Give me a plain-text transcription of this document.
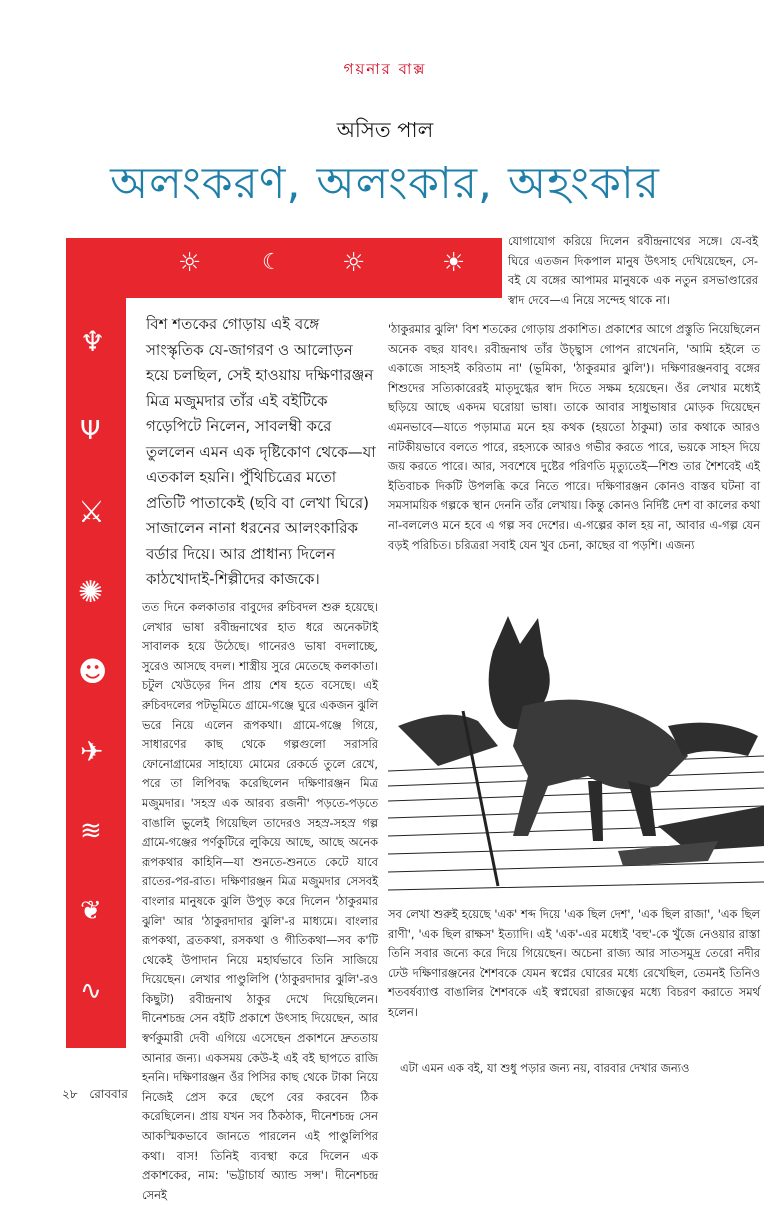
গয়নার বাক্স
অসিত পাল
অলংকরণ, অলংকার, অহংকার
☼	☾ ☼	☀
♆
Ψ
⚔
✺
☻
✈
≋
❦
∿
বিশ শতকের গোড়ায় এই বঙ্গে সাংস্কৃতিক যে-জাগরণ ও আলোড়ন হয়ে চলছিল, সেই হাওয়ায় দক্ষিণারঞ্জন মিত্র মজুমদার তাঁর এই বইটিকে গড়েপিটে নিলেন, সাবলম্বী করে তুললেন এমন এক দৃষ্টিকোণ থেকে—যা এতকাল হয়নি। পুঁথিচিত্রের মতো প্রতিটি পাতাকেই (ছবি বা লেখা ঘিরে) সাজালেন নানা ধরনের আলংকারিক বর্ডার দিয়ে। আর প্রাধান্য দিলেন কাঠখোদাই-শিল্পীদের কাজকে।
যোগাযোগ করিয়ে দিলেন রবীন্দ্রনাথের সঙ্গে। যে-বই ঘিরে এতজন দিকপাল মানুষ উৎসাহ দেখিয়েছেন, সে-বই যে বঙ্গের আপামর মানুষকে এক নতুন রসভাণ্ডারের স্বাদ দেবে—এ নিয়ে সন্দেহ থাকে না।
'ঠাকুরমার ঝুলি' বিশ শতকের গোড়ায় প্রকাশিত। প্রকাশের আগে প্রস্তুতি নিয়েছিলেন অনেক বছর যাবৎ। রবীন্দ্রনাথ তাঁর উচ্ছ্বাস গোপন রাখেননি, 'আমি হইলে ত একাজে সাহসই করিতাম না' (ভূমিকা, 'ঠাকুরমার ঝুলি')। দক্ষিণারঞ্জনবাবু বঙ্গের শিশুদের সত্যিকারেরই মাতৃদুগ্ধের স্বাদ দিতে সক্ষম হয়েছেন। ওঁর লেখার মধ্যেই ছড়িয়ে আছে একদম ঘরোয়া ভাষা। তাকে আবার সাধুভাষার মোড়ক দিয়েছেন এমনভাবে—যাতে পড়ামাত্র মনে হয় কথক (হয়তো ঠাকুমা) তার কথাকে আরও নাটকীয়ভাবে বলতে পারে, রহস্যকে আরও গভীর করতে পারে, ভয়কে সাহস দিয়ে জয় করতে পারে। আর, সবশেষে দুষ্টের পরিণতি মৃত্যুতেই—শিশু তার শৈশবেই এই ইতিবাচক দিকটি উপলব্ধি করে নিতে পারে। দক্ষিণারঞ্জন কোনও বাস্তব ঘটনা বা সমসাময়িক গল্পকে স্থান দেননি তাঁর লেখায়। কিন্তু কোনও নির্দিষ্ট দেশ বা কালের কথা না-বললেও মনে হবে এ গল্প সব দেশের। এ-গল্পের কাল হয় না, আবার এ-গল্প যেন বড়ই পরিচিত। চরিত্ররা সবাই যেন খুব চেনা, কাছের বা পড়শি। এজন্য
তত দিনে কলকাতার বাবুদের রুচিবদল শুরু হয়েছে। লেখার ভাষা রবীন্দ্রনাথের হাত ধরে অনেকটাই সাবালক হয়ে উঠেছে। গানেরও ভাষা বদলাচ্ছে, সুরেও আসছে বদল। শাস্ত্রীয় সুরে মেতেছে কলকাতা। চটুল খেউড়ের দিন প্রায় শেষ হতে বসেছে। এই রুচিবদলের পটভূমিতে গ্রামে-গঞ্জে ঘুরে একজন ঝুলি ভরে নিয়ে এলেন রূপকথা। গ্রামে-গঞ্জে গিয়ে, সাধারণের কাছ থেকে গল্পগুলো সরাসরি ফোনোগ্রামের সাহায্যে মোমের রেকর্ডে তুলে রেখে, পরে তা লিপিবদ্ধ করেছিলেন দক্ষিণারঞ্জন মিত্র মজুমদার। 'সহস্র এক আরব্য রজনী' পড়তে-পড়তে বাঙালি ভুলেই গিয়েছিল তাদেরও সহস্র-সহস্র গল্প গ্রামে-গঞ্জের পর্ণকুটিরে লুকিয়ে আছে, আছে অনেক রূপকথার কাহিনি—যা শুনতে-শুনতে কেটে যাবে রাতের-পর-রাত। দক্ষিণারঞ্জন মিত্র মজুমদার সেসবই বাংলার মানুষকে ঝুলি উপুড় করে দিলেন 'ঠাকুরমার ঝুলি' আর 'ঠাকুরদাদার ঝুলি'-র মাধ্যমে। বাংলার রূপকথা, ব্রতকথা, রসকথা ও গীতিকথা—সব ক'টি থেকেই উপাদান নিয়ে মহার্ঘভাবে তিনি সাজিয়ে দিয়েছেন। লেখার পাণ্ডুলিপি ('ঠাকুরদাদার ঝুলি'-রও কিছুটা) রবীন্দ্রনাথ ঠাকুর দেখে দিয়েছিলেন। দীনেশচন্দ্র সেন বইটি প্রকাশে উৎসাহ দিয়েছেন, আর স্বর্ণকুমারী দেবী এগিয়ে এসেছেন প্রকাশনে দ্রুততায় আনার জন্য। একসময় কেউ-ই এই বই ছাপতে রাজি হননি। দক্ষিণারঞ্জন ওঁর পিসির কাছ থেকে টাকা নিয়ে নিজেই প্রেস করে ছেপে বের করবেন ঠিক করেছিলেন। প্রায় যখন সব ঠিকঠাক, দীনেশচন্দ্র সেন আকস্মিকভাবে জানতে পারলেন এই পাণ্ডুলিপির কথা। বাস! তিনিই ব্যবস্থা করে দিলেন এক প্রকাশকের, নাম: 'ভট্টাচার্য অ্যান্ড সন্স'। দীনেশচন্দ্র সেনই
সব লেখা শুরুই হয়েছে 'এক' শব্দ দিয়ে 'এক ছিল দেশ', 'এক ছিল রাজা', 'এক ছিল রাণী', 'এক ছিল রাক্ষস' ইত্যাদি। এই 'এক'-এর মধ্যেই 'বহু'-কে খুঁজে নেওয়ার রাস্তা তিনি সবার জন্যে করে দিয়ে গিয়েছেন। অচেনা রাজ্য আর সাতসমুদ্র তেরো নদীর ঢেউ দক্ষিণারঞ্জনের শৈশবকে যেমন স্বপ্নের ঘোরের মধ্যে রেখেছিল, তেমনই তিনিও শতবর্ষব্যাপ্ত বাঙালির শৈশবকে এই স্বপ্নঘেরা রাজত্বের মধ্যে বিচরণ করাতে সমর্থ হলেন।
এটা এমন এক বই, যা শুধু পড়ার জন্য নয়, বারবার দেখার জন্যও
২৮ রোববার
